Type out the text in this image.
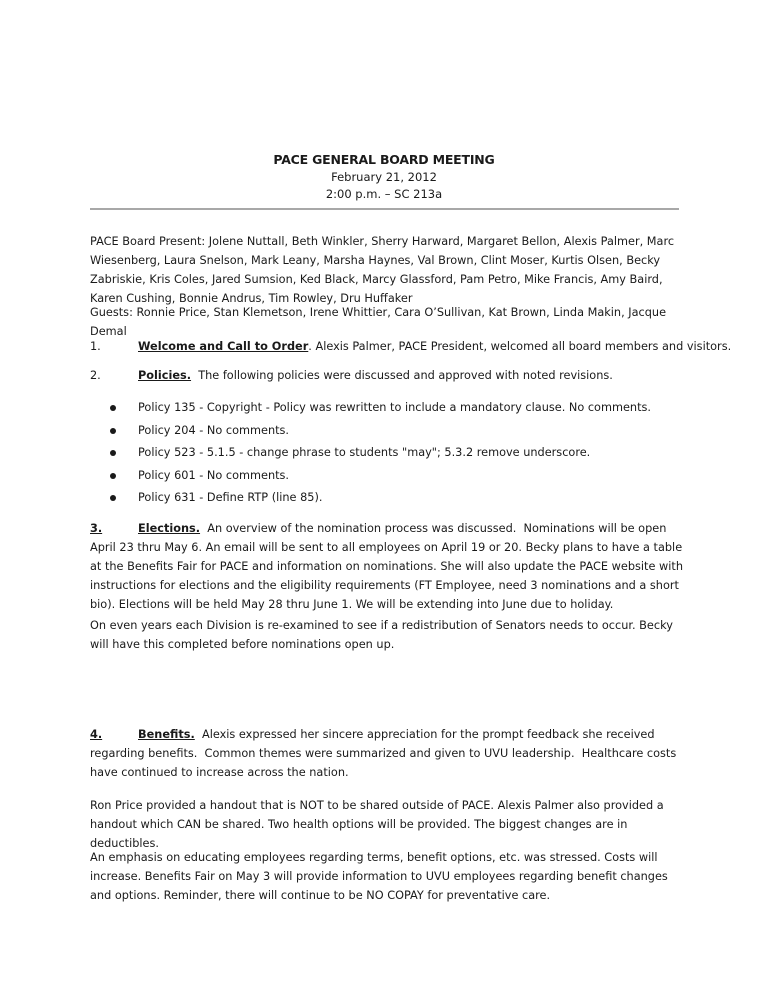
PACE GENERAL BOARD MEETING

February 21, 2012

2:00 p.m. – SC 213a

PACE Board Present: Jolene Nuttall, Beth Winkler, Sherry Harward, Margaret Bellon, Alexis Palmer, Marc Wiesenberg, Laura Snelson, Mark Leany, Marsha Haynes, Val Brown, Clint Moser, Kurtis Olsen, Becky Zabriskie, Kris Coles, Jared Sumsion, Ked Black, Marcy Glassford, Pam Petro, Mike Francis, Amy Baird, Karen Cushing, Bonnie Andrus, Tim Rowley, Dru Huffaker

Guests: Ronnie Price, Stan Klemetson, Irene Whittier, Cara O’Sullivan, Kat Brown, Linda Makin, Jacque Demal

1.	Welcome and Call to Order. Alexis Palmer, PACE President, welcomed all board members and visitors.
2.	Policies.  The following policies were discussed and approved with noted revisions.
Policy 135 - Copyright - Policy was rewritten to include a mandatory clause. No comments.
Policy 204 - No comments.
Policy 523 - 5.1.5 - change phrase to students "may"; 5.3.2 remove underscore.
Policy 601 - No comments.
Policy 631 - Define RTP (line 85).

3.	Elections.  An overview of the nomination process was discussed.  Nominations will be open April 23 thru May 6. An email will be sent to all employees on April 19 or 20. Becky plans to have a table at the Benefits Fair for PACE and information on nominations. She will also update the PACE website with instructions for elections and the eligibility requirements (FT Employee, need 3 nominations and a short bio). Elections will be held May 28 thru June 1. We will be extending into June due to holiday.

On even years each Division is re-examined to see if a redistribution of Senators needs to occur. Becky will have this completed before nominations open up.

4.	Benefits.  Alexis expressed her sincere appreciation for the prompt feedback she received regarding benefits.  Common themes were summarized and given to UVU leadership.  Healthcare costs have continued to increase across the nation.

Ron Price provided a handout that is NOT to be shared outside of PACE. Alexis Palmer also provided a handout which CAN be shared. Two health options will be provided. The biggest changes are in deductibles.

An emphasis on educating employees regarding terms, benefit options, etc. was stressed. Costs will increase. Benefits Fair on May 3 will provide information to UVU employees regarding benefit changes and options. Reminder, there will continue to be NO COPAY for preventative care.
